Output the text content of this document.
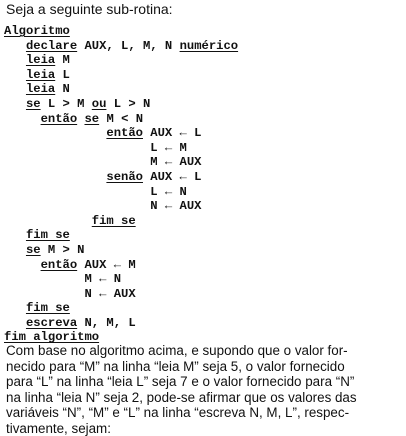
Seja a seguinte sub-rotina:
Algoritmo
declare AUX, L, M, N numérico
leia M
leia L
leia N
se L > M ou L > N
então se M < N
então AUX ← L
L ← M
M ← AUX
senão AUX ← L
L ← N
N ← AUX
fim se
fim se
se M > N
então AUX ← M
M ← N
N ← AUX
fim se
escreva N, M, L
fim algoritmo
Com base no algoritmo acima, e supondo que o valor for-
necido para “M” na linha “leia M” seja 5, o valor fornecido
para “L” na linha “leia L” seja 7 e o valor fornecido para “N”
na linha “leia N” seja 2, pode-se afirmar que os valores das
variáveis “N”, “M” e “L” na linha “escreva N, M, L”, respec-
tivamente, sejam:
